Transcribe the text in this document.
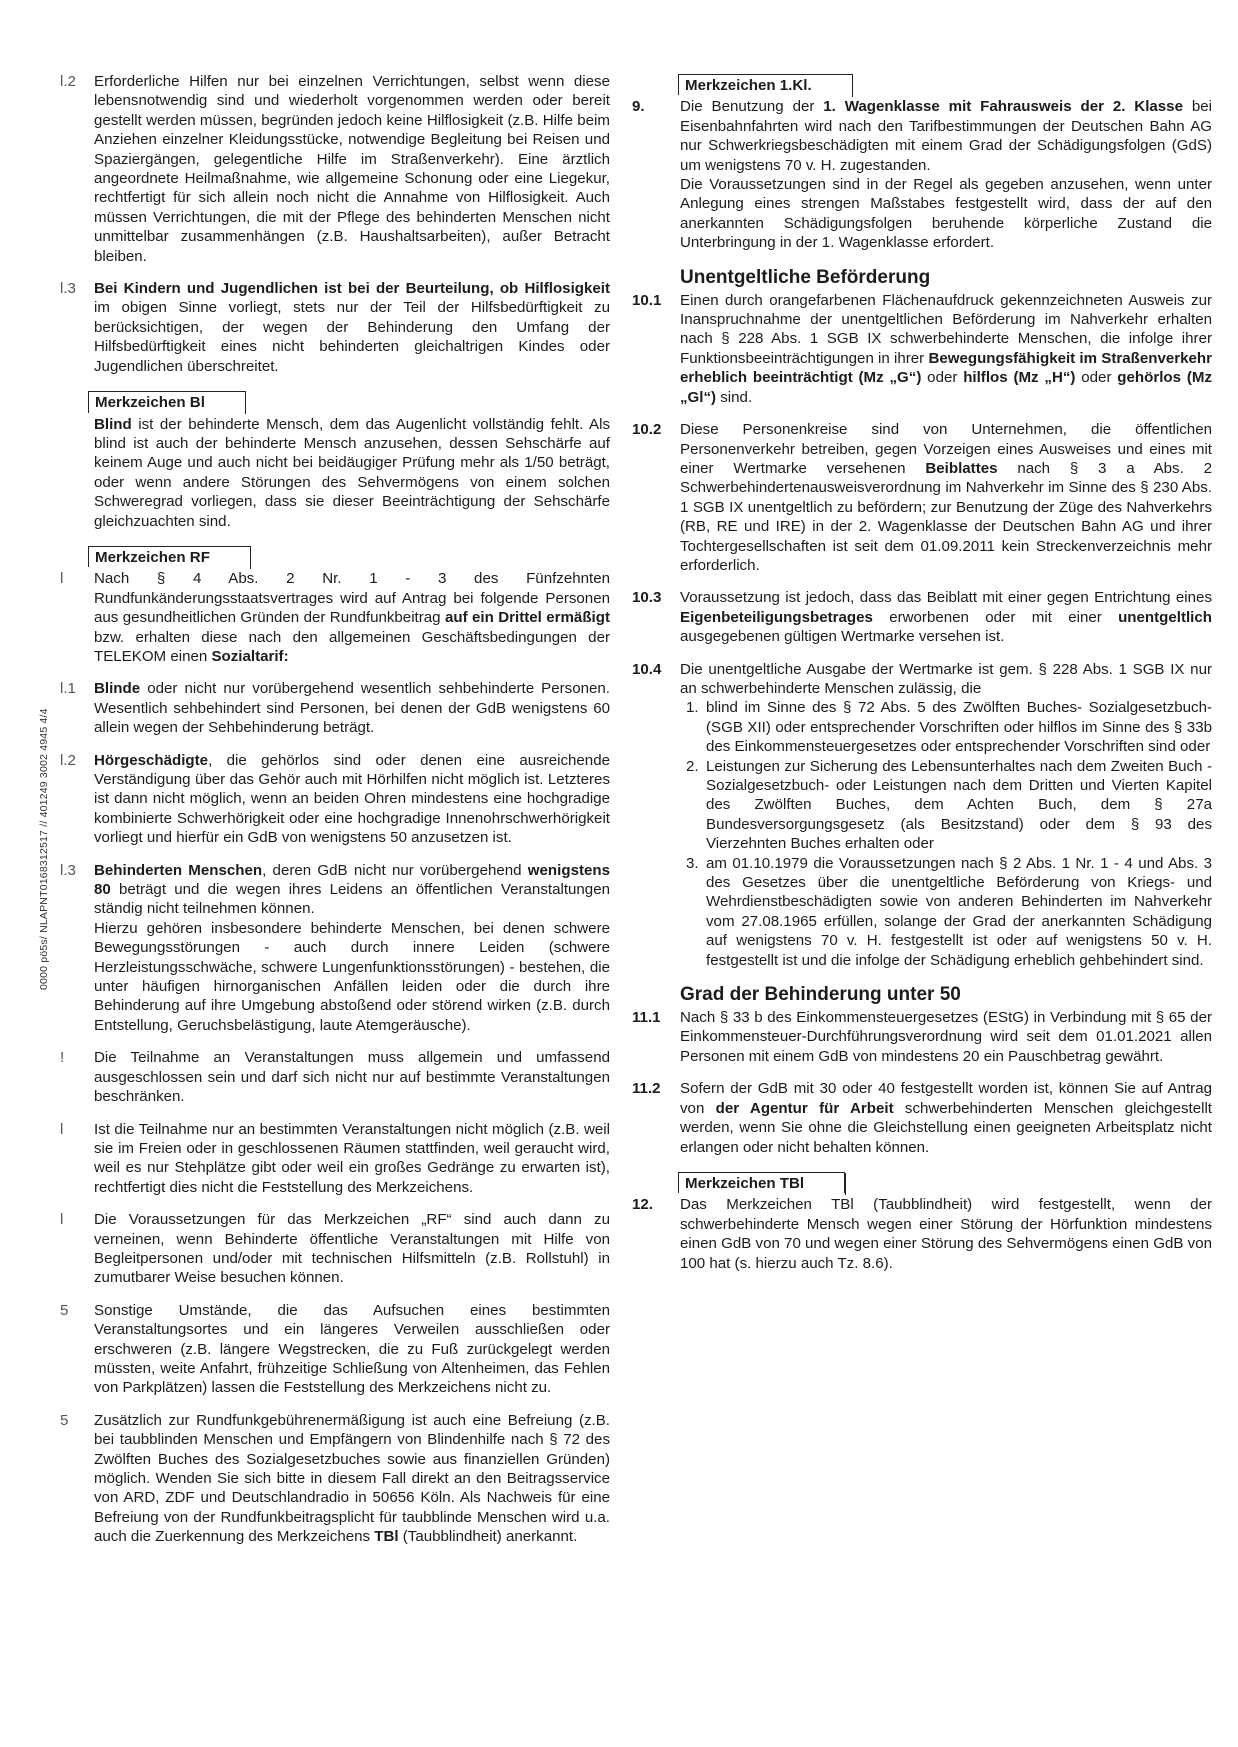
0000 pö5s/ NLAPNT0168312517 // 401249 3002 4945 4/4
l.2 Erforderliche Hilfen nur bei einzelnen Verrichtungen, selbst wenn diese lebensnotwendig sind und wiederholt vorgenommen werden oder bereit gestellt werden müssen, begründen jedoch keine Hilflosigkeit (z.B. Hilfe beim Anziehen einzelner Kleidungsstücke, notwendige Begleitung bei Reisen und Spaziergängen, gelegentliche Hilfe im Straßenverkehr). Eine ärztlich angeordnete Heilmaßnahme, wie allgemeine Schonung oder eine Liegekur, rechtfertigt für sich allein noch nicht die Annahme von Hilflosigkeit. Auch müssen Verrichtungen, die mit der Pflege des behinderten Menschen nicht unmittelbar zusammenhängen (z.B. Haushaltsarbeiten), außer Betracht bleiben.
l.3 Bei Kindern und Jugendlichen ist bei der Beurteilung, ob Hilflosigkeit im obigen Sinne vorliegt, stets nur der Teil der Hilfsbedürftigkeit zu berücksichtigen, der wegen der Behinderung den Umfang der Hilfsbedürftigkeit eines nicht behinderten gleichaltrigen Kindes oder Jugendlichen überschreitet.
Merkzeichen Bl
Blind ist der behinderte Mensch, dem das Augenlicht vollständig fehlt. Als blind ist auch der behinderte Mensch anzusehen, dessen Sehschärfe auf keinem Auge und auch nicht bei beidäugiger Prüfung mehr als 1/50 beträgt, oder wenn andere Störungen des Sehvermögens von einem solchen Schweregrad vorliegen, dass sie dieser Beeinträchtigung der Sehschärfe gleichzuachten sind.
Merkzeichen RF
l Nach § 4 Abs. 2 Nr. 1 - 3 des Fünfzehnten Rundfunkänderungsstaatsvertrages wird auf Antrag bei folgende Personen aus gesundheitlichen Gründen der Rundfunkbeitrag auf ein Drittel ermäßigt bzw. erhalten diese nach den allgemeinen Geschäftsbedingungen der TELEKOM einen Sozialtarif:
l.1 Blinde oder nicht nur vorübergehend wesentlich sehbehinderte Personen. Wesentlich sehbehindert sind Personen, bei denen der GdB wenigstens 60 allein wegen der Sehbehinderung beträgt.
l.2 Hörgeschädigte, die gehörlos sind oder denen eine ausreichende Verständigung über das Gehör auch mit Hörhilfen nicht möglich ist. Letzteres ist dann nicht möglich, wenn an beiden Ohren mindestens eine hochgradige kombinierte Schwerhörigkeit oder eine hochgradige Innenohrschwerhörigkeit vorliegt und hierfür ein GdB von wenigstens 50 anzusetzen ist.
l.3 Behinderten Menschen, deren GdB nicht nur vorübergehend wenigstens 80 beträgt und die wegen ihres Leidens an öffentlichen Veranstaltungen ständig nicht teilnehmen können.
Hierzu gehören insbesondere behinderte Menschen, bei denen schwere Bewegungsstörungen - auch durch innere Leiden (schwere Herzleistungsschwäche, schwere Lungenfunktionsstörungen) - bestehen, die unter häufigen hirnorganischen Anfällen leiden oder die durch ihre Behinderung auf ihre Umgebung abstoßend oder störend wirken (z.B. durch Entstellung, Geruchsbelästigung, laute Atemgeräusche).
! Die Teilnahme an Veranstaltungen muss allgemein und umfassend ausgeschlossen sein und darf sich nicht nur auf bestimmte Veranstaltungen beschränken.
l Ist die Teilnahme nur an bestimmten Veranstaltungen nicht möglich (z.B. weil sie im Freien oder in geschlossenen Räumen stattfinden, weil geraucht wird, weil es nur Stehplätze gibt oder weil ein großes Gedränge zu erwarten ist), rechtfertigt dies nicht die Feststellung des Merkzeichens.
l Die Voraussetzungen für das Merkzeichen „RF“ sind auch dann zu verneinen, wenn Behinderte öffentliche Veranstaltungen mit Hilfe von Begleitpersonen und/oder mit technischen Hilfsmitteln (z.B. Rollstuhl) in zumutbarer Weise besuchen können.
5 Sonstige Umstände, die das Aufsuchen eines bestimmten Veranstaltungsortes und ein längeres Verweilen ausschließen oder erschweren (z.B. längere Wegstrecken, die zu Fuß zurückgelegt werden müssten, weite Anfahrt, frühzeitige Schließung von Altenheimen, das Fehlen von Parkplätzen) lassen die Feststellung des Merkzeichens nicht zu.
5 Zusätzlich zur Rundfunkgebührenermäßigung ist auch eine Befreiung (z.B. bei taubblinden Menschen und Empfängern von Blindenhilfe nach § 72 des Zwölften Buches des Sozialgesetzbuches sowie aus finanziellen Gründen) möglich. Wenden Sie sich bitte in diesem Fall direkt an den Beitragsservice von ARD, ZDF und Deutschlandradio in 50656 Köln. Als Nachweis für eine Befreiung von der Rundfunkbeitragsplicht für taubblinde Menschen wird u.a. auch die Zuerkennung des Merkzeichens TBl (Taubblindheit) anerkannt.
Merkzeichen 1.Kl.
9. Die Benutzung der 1. Wagenklasse mit Fahrausweis der 2. Klasse bei Eisenbahnfahrten wird nach den Tarifbestimmungen der Deutschen Bahn AG nur Schwerkriegsbeschädigten mit einem Grad der Schädigungsfolgen (GdS) um wenigstens 70 v. H. zugestanden.
Die Voraussetzungen sind in der Regel als gegeben anzusehen, wenn unter Anlegung eines strengen Maßstabes festgestellt wird, dass der auf den anerkannten Schädigungsfolgen beruhende körperliche Zustand die Unterbringung in der 1. Wagenklasse erfordert.
Unentgeltliche Beförderung
10.1 Einen durch orangefarbenen Flächenaufdruck gekennzeichneten Ausweis zur Inanspruchnahme der unentgeltlichen Beförderung im Nahverkehr erhalten nach § 228 Abs. 1 SGB IX schwerbehinderte Menschen, die infolge ihrer Funktionsbeeinträchtigungen in ihrer Bewegungsfähigkeit im Straßenverkehr erheblich beeinträchtigt (Mz „G“) oder hilflos (Mz „H“) oder gehörlos (Mz „Gl“) sind.
10.2 Diese Personenkreise sind von Unternehmen, die öffentlichen Personenverkehr betreiben, gegen Vorzeigen eines Ausweises und eines mit einer Wertmarke versehenen Beiblattes nach § 3 a Abs. 2 Schwerbehindertenausweisverordnung im Nahverkehr im Sinne des § 230 Abs. 1 SGB IX unentgeltlich zu befördern; zur Benutzung der Züge des Nahverkehrs (RB, RE und IRE) in der 2. Wagenklasse der Deutschen Bahn AG und ihrer Tochtergesellschaften ist seit dem 01.09.2011 kein Streckenverzeichnis mehr erforderlich.
10.3 Voraussetzung ist jedoch, dass das Beiblatt mit einer gegen Entrichtung eines Eigenbeteiligungsbetrages erworbenen oder mit einer unentgeltlich ausgegebenen gültigen Wertmarke versehen ist.
10.4 Die unentgeltliche Ausgabe der Wertmarke ist gem. § 228 Abs. 1 SGB IX nur an schwerbehinderte Menschen zulässig, die
1. blind im Sinne des § 72 Abs. 5 des Zwölften Buches- Sozialgesetzbuch- (SGB XII) oder entsprechender Vorschriften oder hilflos im Sinne des § 33b des Einkommensteuergesetzes oder entsprechender Vorschriften sind oder
2. Leistungen zur Sicherung des Lebensunterhaltes nach dem Zweiten Buch -Sozialgesetzbuch- oder Leistungen nach dem Dritten und Vierten Kapitel des Zwölften Buches, dem Achten Buch, dem § 27a Bundesversorgungsgesetz (als Besitzstand) oder dem § 93 des Vierzehnten Buches erhalten oder
3. am 01.10.1979 die Voraussetzungen nach § 2 Abs. 1 Nr. 1 - 4 und Abs. 3 des Gesetzes über die unentgeltliche Beförderung von Kriegs- und Wehrdienstbeschädigten sowie von anderen Behinderten im Nahverkehr vom 27.08.1965 erfüllen, solange der Grad der anerkannten Schädigung auf wenigstens 70 v. H. festgestellt ist oder auf wenigstens 50 v. H. festgestellt ist und die infolge der Schädigung erheblich gehbehindert sind.
Grad der Behinderung unter 50
11.1 Nach § 33 b des Einkommensteuergesetzes (EStG) in Verbindung mit § 65 der Einkommensteuer-Durchführungsverordnung wird seit dem 01.01.2021 allen Personen mit einem GdB von mindestens 20 ein Pauschbetrag gewährt.
11.2 Sofern der GdB mit 30 oder 40 festgestellt worden ist, können Sie auf Antrag von der Agentur für Arbeit schwerbehinderten Menschen gleichgestellt werden, wenn Sie ohne die Gleichstellung einen geeigneten Arbeitsplatz nicht erlangen oder nicht behalten können.
Merkzeichen TBl
12. Das Merkzeichen TBl (Taubblindheit) wird festgestellt, wenn der schwerbehinderte Mensch wegen einer Störung der Hörfunktion mindestens einen GdB von 70 und wegen einer Störung des Sehvermögens einen GdB von 100 hat (s. hierzu auch Tz. 8.6).
